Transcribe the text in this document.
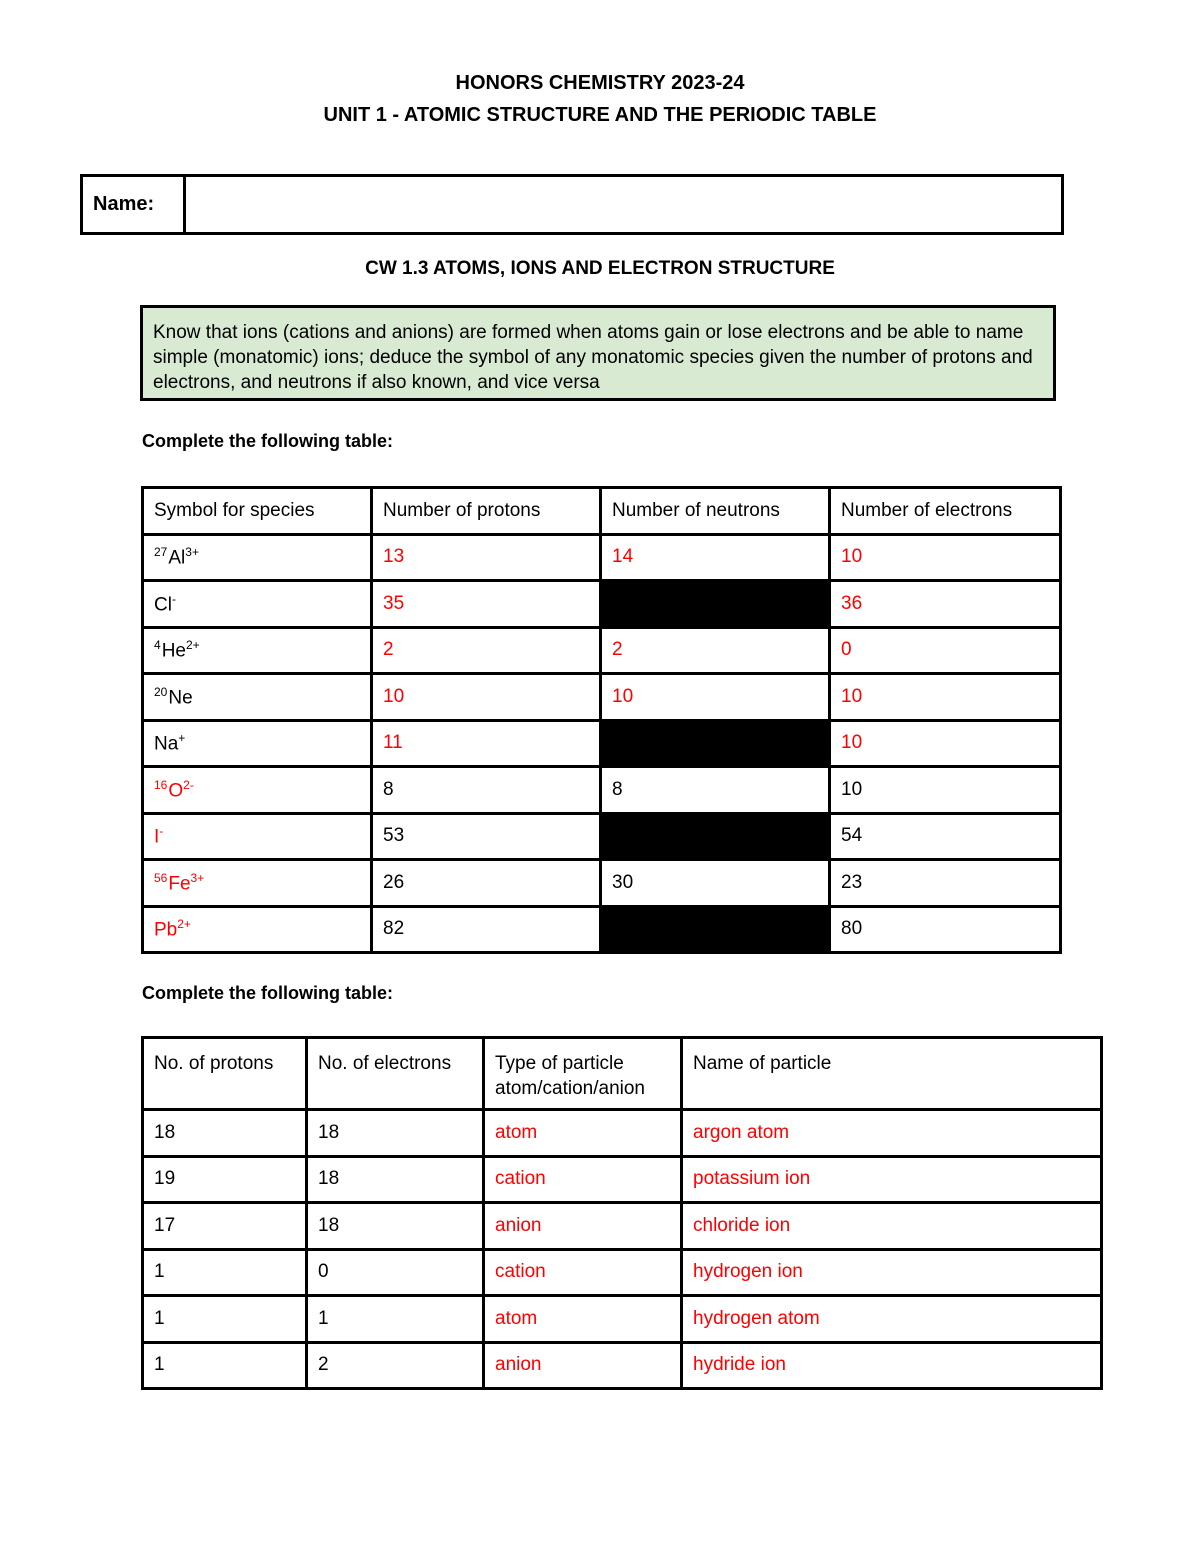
HONORS CHEMISTRY 2023-24
UNIT 1 - ATOMIC STRUCTURE AND THE PERIODIC TABLE
Name:
CW 1.3 ATOMS, IONS AND ELECTRON STRUCTURE
Know that ions (cations and anions) are formed when atoms gain or lose electrons and be able to name simple (monatomic) ions; deduce the symbol of any monatomic species given the number of protons and electrons, and neutrons if also known, and vice versa
Complete the following table:
Symbol for species	Number of protons	Number of neutrons	Number of electrons
$^{27}Al^{3+}$	13	14	10
Cl-	35		36
$^4He^{2+}$	2	2	0
$^{20}$Ne	10	10	10
Na+	11		10
$^{16}O^{2-}$	8	8	10
I-	53		54
$^{56}Fe^{3+}$	26	30	23
$Pb^{2+}$	82		80
Complete the following table:
No. of protons	No. of electrons	Type of particle atom/cation/anion	Name of particle
18	18	atom	argon atom
19	18	cation	potassium ion
17	18	anion	chloride ion
1	0	cation	hydrogen ion
1	1	atom	hydrogen atom
1	2	anion	hydride ion
